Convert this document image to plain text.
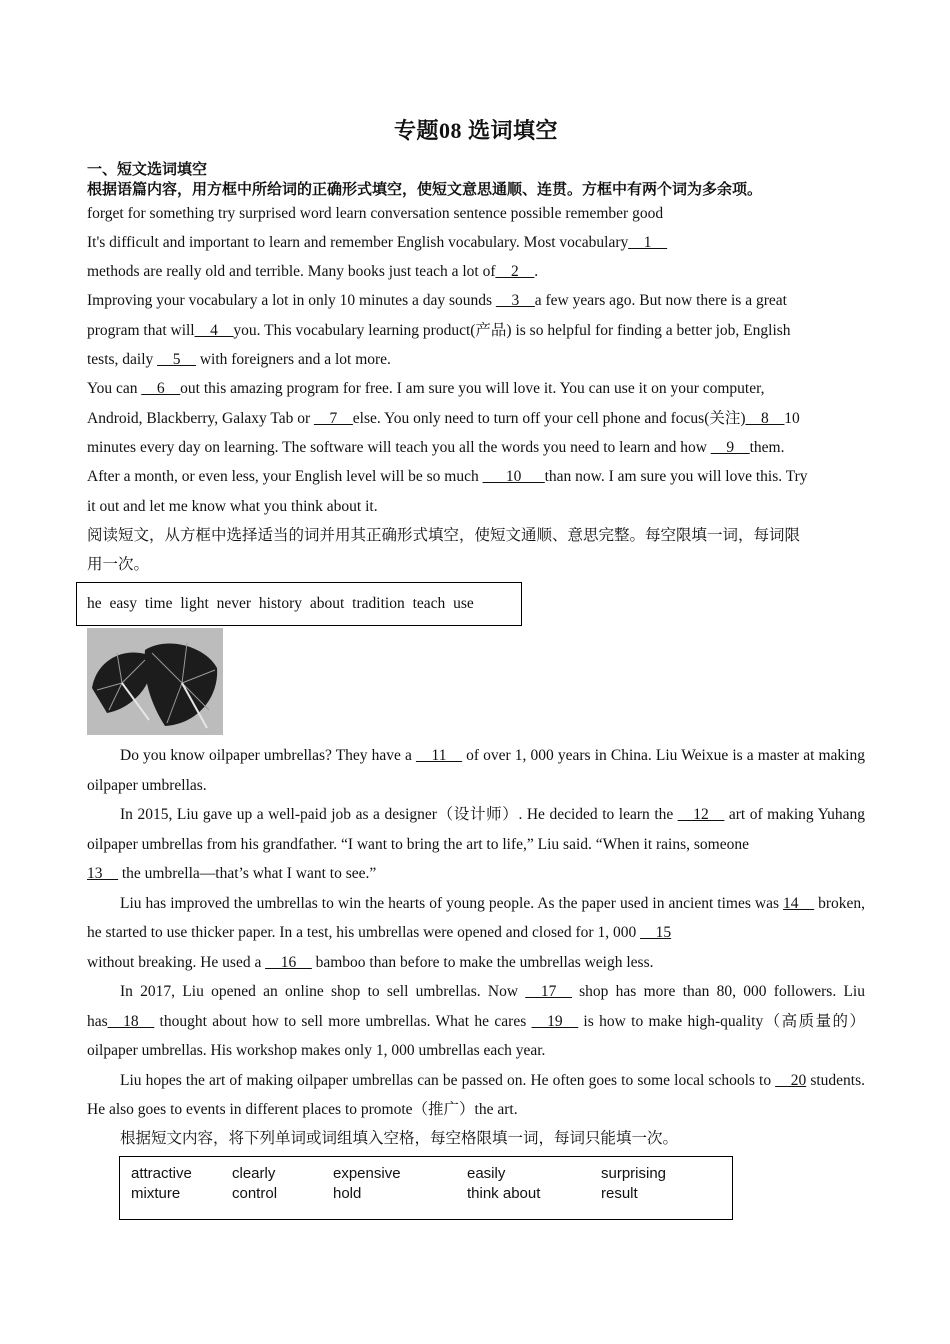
专题08 选词填空
一、短文选词填空
根据语篇内容，用方框中所给词的正确形式填空，使短文意思通顺、连贯。方框中有两个词为多余项。
forget for something try surprised word learn conversation sentence possible remember good
It's difficult and important to learn and remember English vocabulary. Most vocabulary__1__
methods are really old and terrible. Many books just teach a lot of__2__.
Improving your vocabulary a lot in only 10 minutes a day sounds __3__a few years ago. But now there is a great
program that will__4__you. This vocabulary learning product(产品) is so helpful for finding a better job, English
tests, daily __5__ with foreigners and a lot more.
You can __6__out this amazing program for free. I am sure you will love it. You can use it on your computer,
Android, Blackberry, Galaxy Tab or __7__else. You only need to turn off your cell phone and focus(关注)__8__10
minutes every day on learning. The software will teach you all the words you need to learn and how __9__them.
After a month, or even less, your English level will be so much ___10___than now. I am sure you will love this. Try
it out and let me know what you think about it.
阅读短文，从方框中选择适当的词并用其正确形式填空，使短文通顺、意思完整。每空限填一词，每词限
用一次。
he easy time light never history about tradition teach use

Do you know oilpaper umbrellas? They have a __11__ of over 1, 000 years in China. Liu Weixue is a master at making oilpaper umbrellas.

In 2015, Liu gave up a well-paid job as a designer（设计师）. He decided to learn the __12__ art of making Yuhang oilpaper umbrellas from his grandfather. “I want to bring the art to life,” Liu said. “When it rains, someone
13__ the umbrella—that’s what I want to see.”

Liu has improved the umbrellas to win the hearts of young people. As the paper used in ancient times was 14__ broken, he started to use thicker paper. In a test, his umbrellas were opened and closed for 1, 000 __15
without breaking. He used a __16__ bamboo than before to make the umbrellas weigh less.

In 2017, Liu opened an online shop to sell umbrellas. Now __17__ shop has more than 80, 000 followers. Liu has__18__ thought about how to sell more umbrellas. What he cares __19__ is how to make high-quality（高质量的）oilpaper umbrellas. His workshop makes only 1, 000 umbrellas each year.

Liu hopes the art of making oilpaper umbrellas can be passed on. He often goes to some local schools to __20 students. He also goes to events in different places to promote（推广）the art.

根据短文内容，将下列单词或词组填入空格，每空格限填一词，每词只能填一次。
attractive	clearly	expensive	easily	surprising
mixture	control	hold	think about	result
